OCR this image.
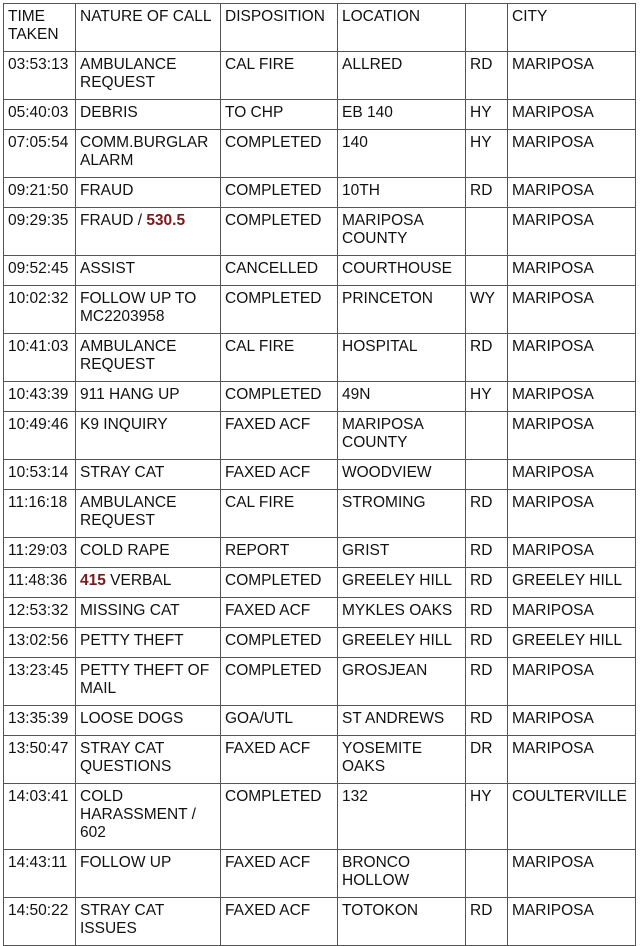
TIME TAKEN	NATURE OF CALL	DISPOSITION	LOCATION		CITY
03:53:13	AMBULANCE REQUEST	CAL FIRE	ALLRED	RD	MARIPOSA
05:40:03	DEBRIS	TO CHP	EB 140	HY	MARIPOSA
07:05:54	COMM.BURGLAR ALARM	COMPLETED	140	HY	MARIPOSA
09:21:50	FRAUD	COMPLETED	10TH	RD	MARIPOSA
09:29:35	FRAUD / 530.5	COMPLETED	MARIPOSA COUNTY		MARIPOSA
09:52:45	ASSIST	CANCELLED	COURTHOUSE		MARIPOSA
10:02:32	FOLLOW UP TO MC2203958	COMPLETED	PRINCETON	WY	MARIPOSA
10:41:03	AMBULANCE REQUEST	CAL FIRE	HOSPITAL	RD	MARIPOSA
10:43:39	911 HANG UP	COMPLETED	49N	HY	MARIPOSA
10:49:46	K9 INQUIRY	FAXED ACF	MARIPOSA COUNTY		MARIPOSA
10:53:14	STRAY CAT	FAXED ACF	WOODVIEW		MARIPOSA
11:16:18	AMBULANCE REQUEST	CAL FIRE	STROMING	RD	MARIPOSA
11:29:03	COLD RAPE	REPORT	GRIST	RD	MARIPOSA
11:48:36	415 VERBAL	COMPLETED	GREELEY HILL	RD	GREELEY HILL
12:53:32	MISSING CAT	FAXED ACF	MYKLES OAKS	RD	MARIPOSA
13:02:56	PETTY THEFT	COMPLETED	GREELEY HILL	RD	GREELEY HILL
13:23:45	PETTY THEFT OF MAIL	COMPLETED	GROSJEAN	RD	MARIPOSA
13:35:39	LOOSE DOGS	GOA/UTL	ST ANDREWS	RD	MARIPOSA
13:50:47	STRAY CAT QUESTIONS	FAXED ACF	YOSEMITE OAKS	DR	MARIPOSA
14:03:41	COLD HARASSMENT / 602	COMPLETED	132	HY	COULTERVILLE
14:43:11	FOLLOW UP	FAXED ACF	BRONCO HOLLOW		MARIPOSA
14:50:22	STRAY CAT ISSUES	FAXED ACF	TOTOKON	RD	MARIPOSA
